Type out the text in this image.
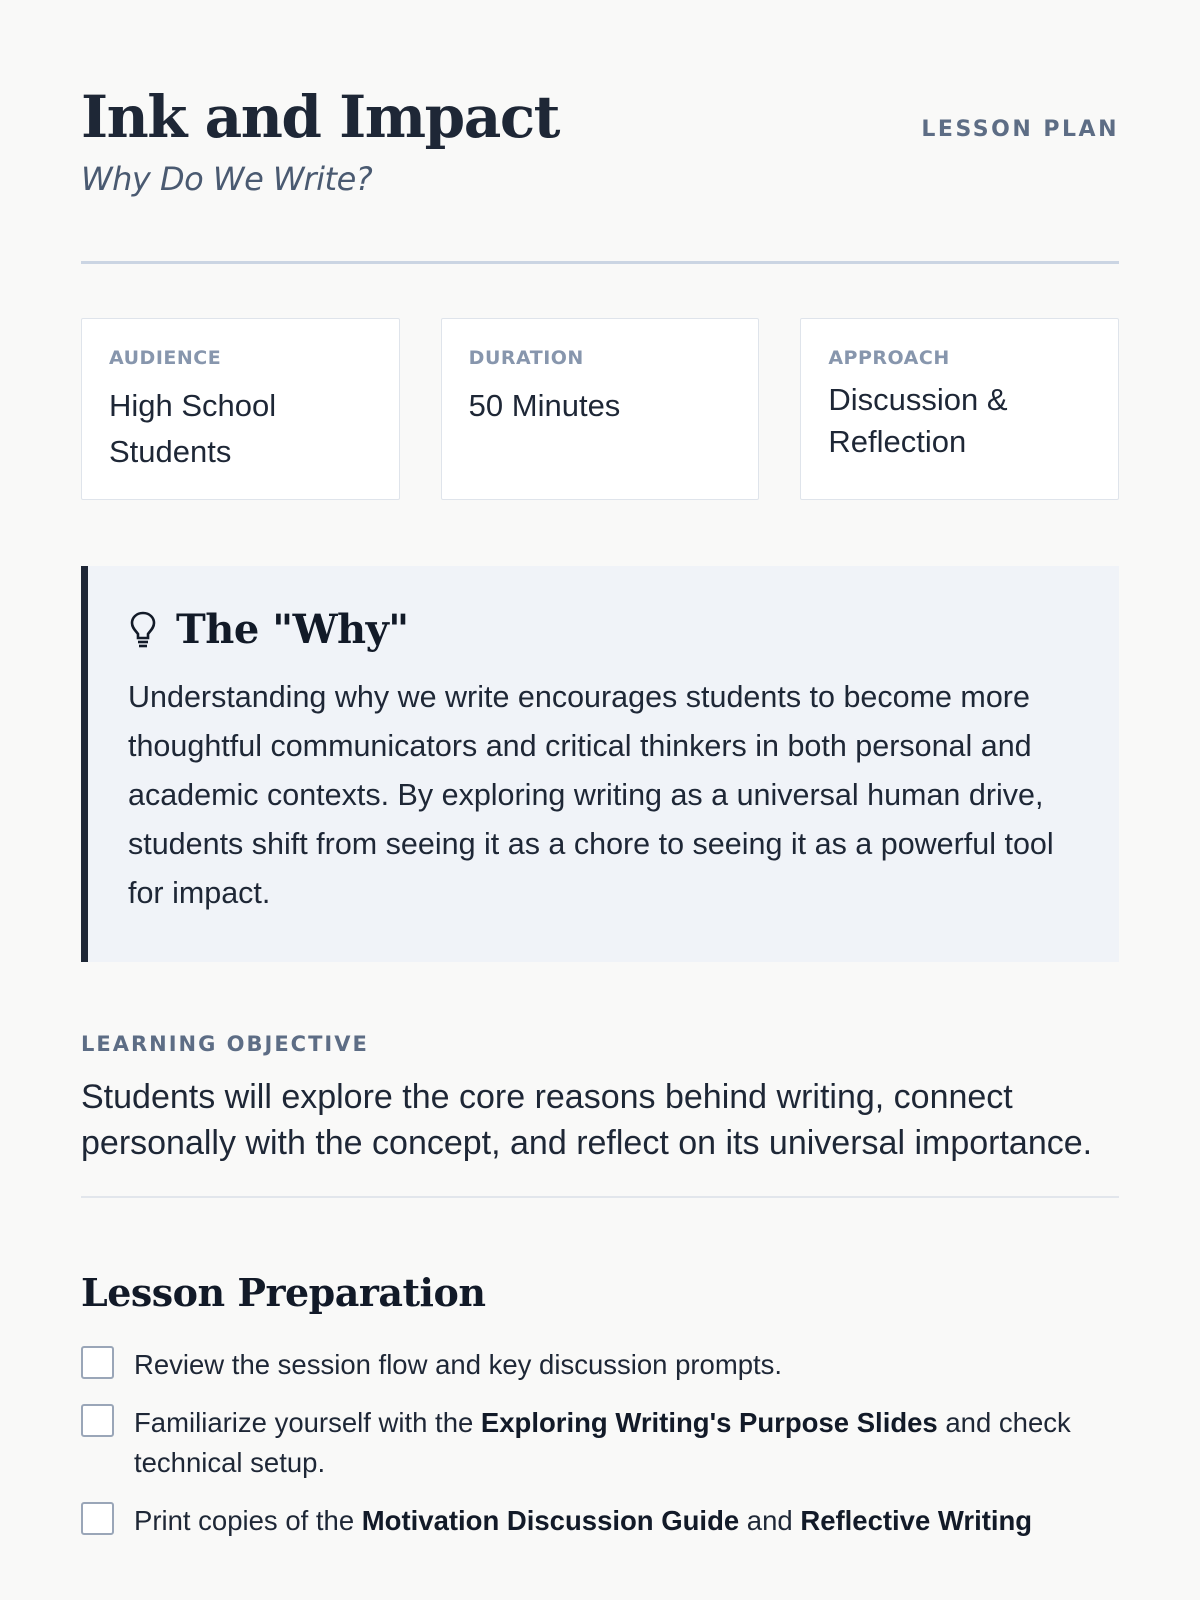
Ink and Impact
Why Do We Write?
LESSON PLAN
AUDIENCE
High School Students
DURATION
50 Minutes
APPROACH
Discussion & Reflection
The "Why"

Understanding why we write encourages students to become more thoughtful communicators and critical thinkers in both personal and academic contexts. By exploring writing as a universal human drive, students shift from seeing it as a chore to seeing it as a powerful tool for impact.

LEARNING OBJECTIVE

Students will explore the core reasons behind writing, connect personally with the concept, and reflect on its universal importance.

Lesson Preparation
Review the session flow and key discussion prompts.
Familiarize yourself with the Exploring Writing's Purpose Slides and check technical setup.
Print copies of the Motivation Discussion Guide and Reflective Writing
